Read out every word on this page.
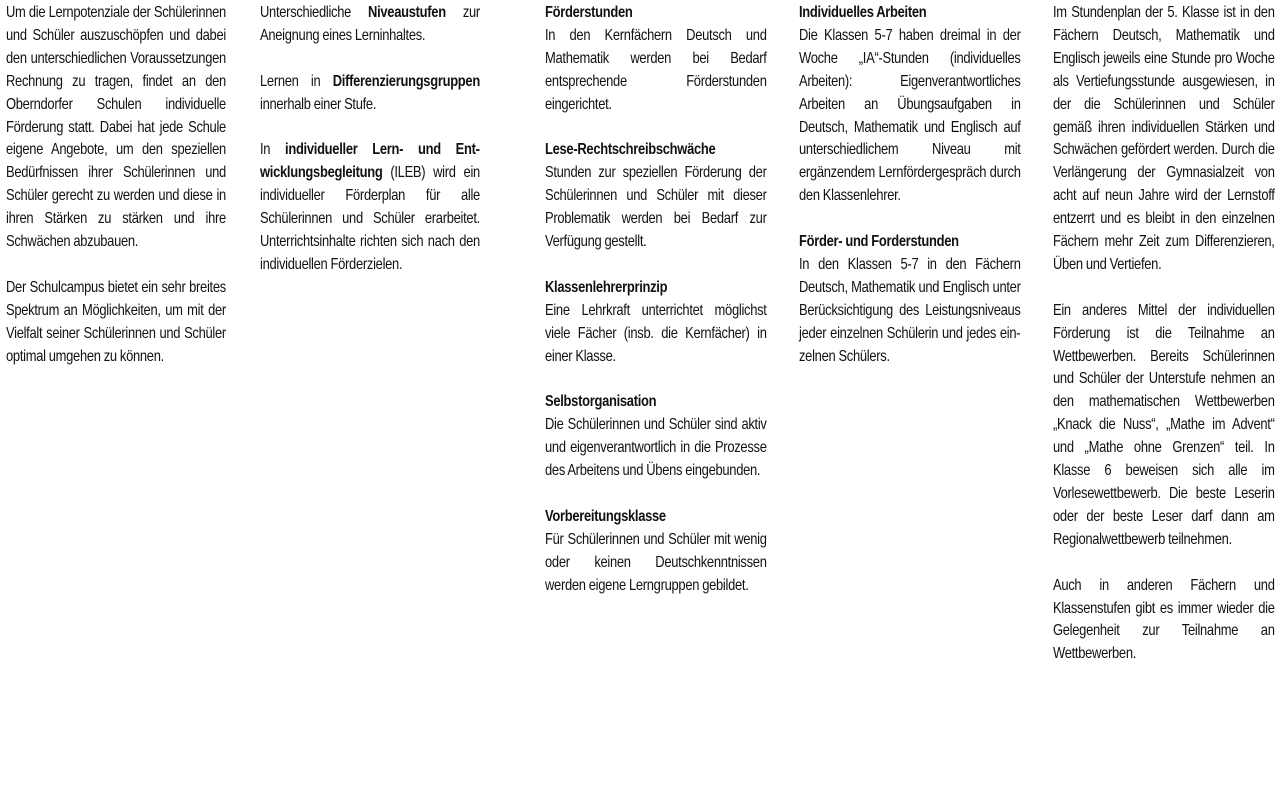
Um die Lernpotenziale der Schülerinnen und Schüler auszuschöpfen und dabei den unterschiedlichen Voraussetzungen Rechnung zu tragen, findet an den Oberndorfer Schulen individuelle Förderung statt. Dabei hat jede Schule eigene Angebote, um den speziellen Bedürfnissen ihrer Schülerinnen und Schüler gerecht zu werden und diese in ihren Stärken zu stärken und ihre Schwächen abzubauen.

Der Schulcampus bietet ein sehr breites Spektrum an Möglichkeiten, um mit der Vielfalt seiner Schülerinnen und Schüler optimal umgehen zu können.

Unterschiedliche Niveaustufen zur Aneignung eines Lerninhaltes.

Lernen in Differenzierungsgruppen innerhalb einer Stufe.

In individueller Lern- und Entwicklungsbegleitung (ILEB) wird ein individueller Förderplan für alle Schülerinnen und Schüler erarbeitet. Unterrichtsinhalte richten sich nach den individuellen Förderzielen.

Förderstunden
In den Kernfächern Deutsch und Mathematik werden bei Bedarf entsprechende Förderstunden eingerichtet.
Lese-Rechtschreibschwäche
Stunden zur speziellen Förderung der Schülerinnen und Schüler mit dieser Problematik werden bei Bedarf zur Verfügung gestellt.
Klassenlehrerprinzip
Eine Lehrkraft unterrichtet möglichst viele Fächer (insb. die Kernfächer) in einer Klasse.
Selbstorganisation
Die Schülerinnen und Schüler sind aktiv und eigenverantwortlich in die Prozesse des Arbeitens und Übens eingebunden.
Vorbereitungsklasse
Für Schülerinnen und Schüler mit wenig oder keinen Deutschkenntnissen werden eigene Lerngruppen gebildet.
Individuelles Arbeiten
Die Klassen 5-7 haben dreimal in der Woche „IA“-Stunden (individuelles Arbeiten): Eigenverantwortliches Arbeiten an Übungsaufgaben in Deutsch, Mathematik und Englisch auf unterschiedlichem Niveau mit ergänzendem Lernfördergespräch durch den Klassenlehrer.
Förder- und Forderstunden
In den Klassen 5-7 in den Fächern Deutsch, Mathematik und Englisch unter Berücksichtigung des Leistungsniveaus jeder einzelnen Schülerin und jedes einzelnen Schülers.

Im Stundenplan der 5. Klasse ist in den Fächern Deutsch, Mathematik und Englisch jeweils eine Stunde pro Woche als Vertiefungsstunde ausgewiesen, in der die Schülerinnen und Schüler gemäß ihren individuellen Stärken und Schwächen gefördert werden. Durch die Verlängerung der Gymnasialzeit von acht auf neun Jahre wird der Lernstoff entzerrt und es bleibt in den einzelnen Fächern mehr Zeit zum Differenzieren, Üben und Vertiefen.

Ein anderes Mittel der individuellen Förderung ist die Teilnahme an Wettbewerben. Bereits Schülerinnen und Schüler der Unterstufe nehmen an den mathematischen Wettbewerben „Knack die Nuss“, „Mathe im Advent“ und „Mathe ohne Grenzen“ teil. In Klasse 6 beweisen sich alle im Vorlesewettbewerb. Die beste Leserin oder der beste Leser darf dann am Regionalwettbewerb teilnehmen.

Auch in anderen Fächern und Klassenstufen gibt es immer wieder die Gelegenheit zur Teilnahme an Wettbewerben.
